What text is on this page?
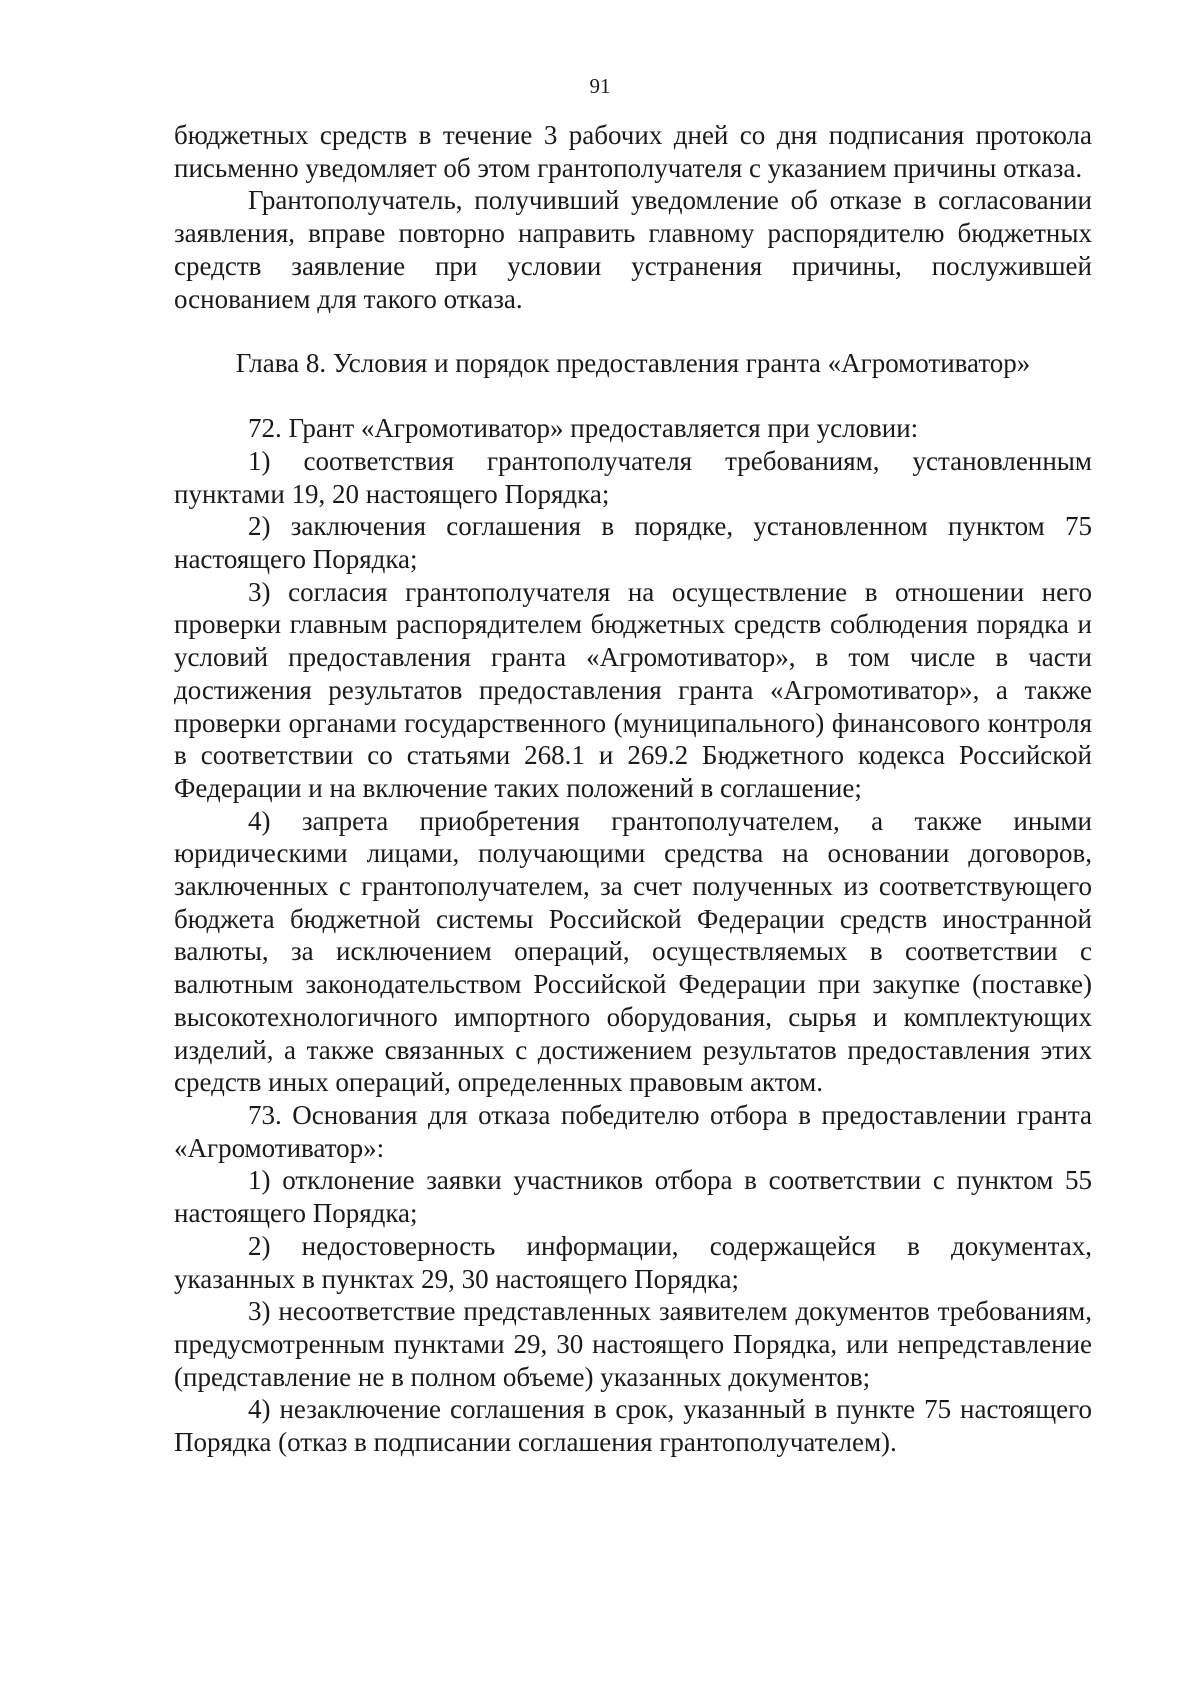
91

бюджетных средств в течение 3 рабочих дней со дня подписания протокола письменно уведомляет об этом грантополучателя с указанием причины отказа.

Грантополучатель, получивший уведомление об отказе в согласовании заявления, вправе повторно направить главному распорядителю бюджетных средств заявление при условии устранения причины, послужившей основанием для такого отказа.

Глава 8. Условия и порядок предоставления гранта «Агромотиватор»

72. Грант «Агромотиватор» предоставляется при условии:

1) соответствия грантополучателя требованиям, установленным пунктами 19, 20 настоящего Порядка;

2) заключения соглашения в порядке, установленном пунктом 75 настоящего Порядка;

3) согласия грантополучателя на осуществление в отношении него проверки главным распорядителем бюджетных средств соблюдения порядка и условий предоставления гранта «Агромотиватор», в том числе в части достижения результатов предоставления гранта «Агромотиватор», а также проверки органами государственного (муниципального) финансового контроля в соответствии со статьями 268.1 и 269.2 Бюджетного кодекса Российской Федерации и на включение таких положений в соглашение;

4) запрета приобретения грантополучателем, а также иными юридическими лицами, получающими средства на основании договоров, заключенных с грантополучателем, за счет полученных из соответствующего бюджета бюджетной системы Российской Федерации средств иностранной валюты, за исключением операций, осуществляемых в соответствии с валютным законодательством Российской Федерации при закупке (поставке) высокотехнологичного импортного оборудования, сырья и комплектующих изделий, а также связанных с достижением результатов предоставления этих средств иных операций, определенных правовым актом.

73. Основания для отказа победителю отбора в предоставлении гранта «Агромотиватор»:

1) отклонение заявки участников отбора в соответствии с пунктом 55 настоящего Порядка;

2) недостоверность информации, содержащейся в документах, указанных в пунктах 29, 30 настоящего Порядка;

3) несоответствие представленных заявителем документов требованиям, предусмотренным пунктами 29, 30 настоящего Порядка, или непредставление (представление не в полном объеме) указанных документов;

4) незаключение соглашения в срок, указанный в пункте 75 настоящего Порядка (отказ в подписании соглашения грантополучателем).
